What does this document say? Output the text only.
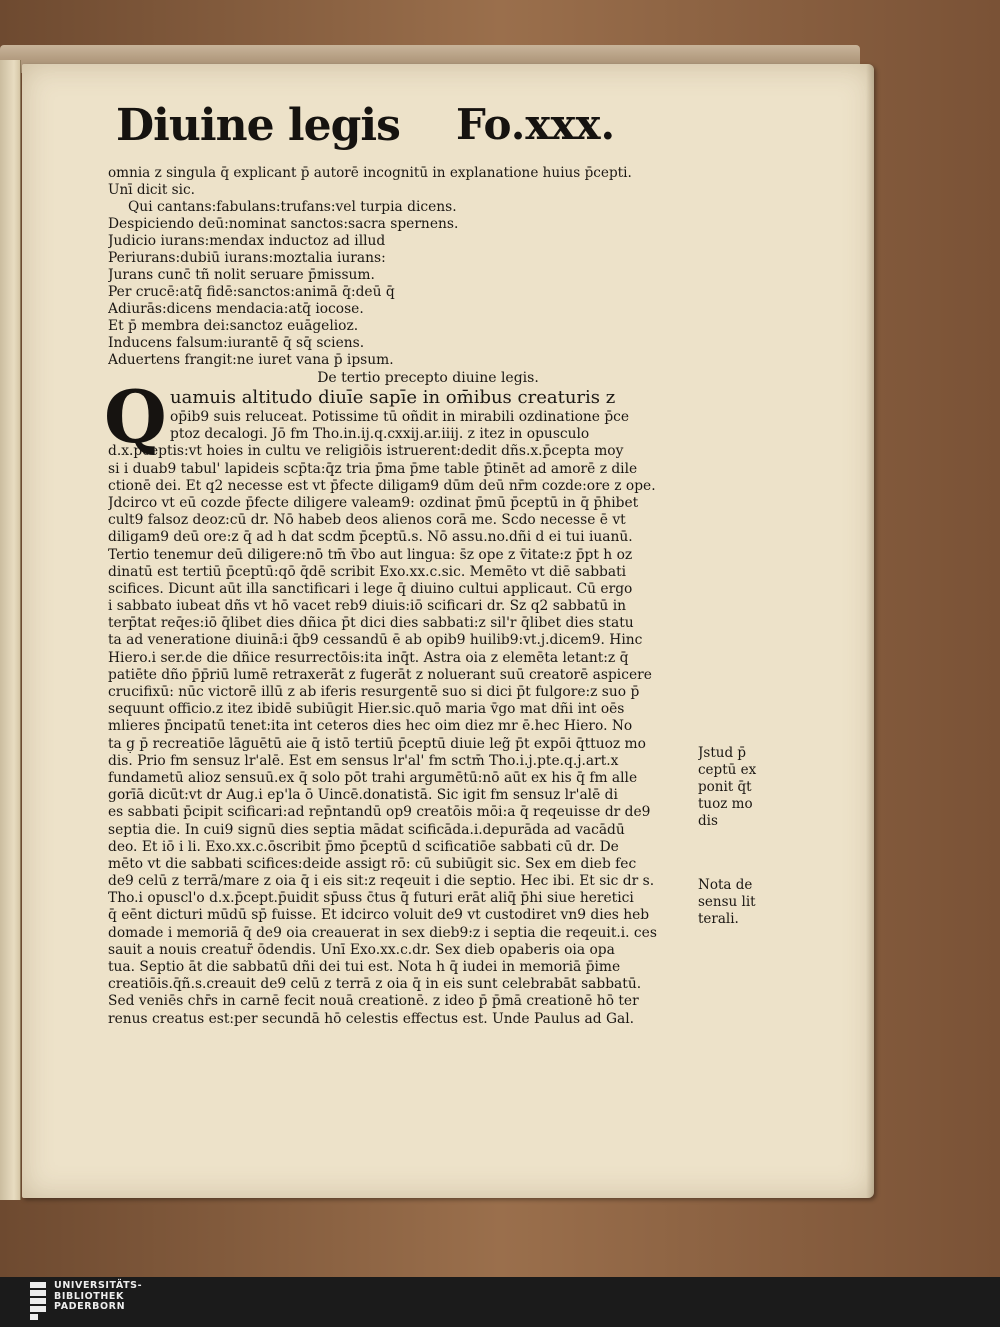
Diuine legis Fo.xxx.
omnia z singula q̄ explicant̄ p̄ autorē incognitū in explanatione huius p̄cepti.
Unī dicit sic.
Qui cantans:fabulans:trufans:vel turpia dicens.
Despiciendo deū:nominat sanctos:sacra spernens.
Judicio iurans:mendax inductoz ad illud
Periurans:dubiū iurans:moztalia iurans:
Jurans cunc̄ tñ nolit seruare p̄missum.
Per crucē:atq̄ fidē:sanctos:animā q̄:deū q̄
Adiurās:dicens mendacia:atq̄ iocose.
Et p̄ membra dei:sanctoz euāgelioz.
Inducens falsum:iurantē q̄ sq̄ sciens.
Aduertens frangit:ne iuret vana p̄ ipsum.
De tertio precepto diuine legis.
Q uamuis altitudo diuīe sapīe in om̄ibus creaturis z
op̄ib9 suis reluceat. Potissime tū oñdit in mirabili ozdinatione p̄ce
ptoz decalogi. Jō fm Tho.in.ij.q.cxxij.ar.iiij. z itez in opusculo
d.x.p̄ceptis:vt hoies in cultu ve religiōis istruerent:dedit dñs.x.p̄cepta moy
si i duab9 tabul' lapideis scp̄ta:q̄z tria p̄ma p̄me table p̄tinēt ad amorē z dile
ctionē dei. Et q2 necesse est vt p̄fecte diligam9 dūm deū nr̄m cozde:ore z ope.
Jdcirco vt eū cozde p̄fecte diligere valeam9: ozdinat p̄mū p̄ceptū in q̄ p̄hibet
cult9 falsoz deoz:cū d̄r. Nō habeb deos alienos corā me. Scd̄o necesse ē vt
diligam9 deū ore:z q̄ ad h̄ dat scd̄m p̄ceptū.s. Nō assu.no.dñi d ei tui iuanū.
Tertio tenemur deū diligere:nō tm̄ v̄bo aut lingua: s̄z ope z v̄itate:z p̄pt h̄ oz
dinatū est tertiū p̄ceptū:qō q̄dē scribit Exo.xx.c.sic. Memēto vt diē sabbati
scifices. Dicunt aūt illa sanctificari i lege q̄ diuino cultui applicaut. Cū ergo
i sabbato iubeat dñs vt hō vacet reb9 diuis:iō scificari d̄r. Sz q2 sabbatū in
terp̄tat req̄es:iō q̄libet dies dñica p̄t dici dies sabbati:z sil'r q̄libet dies statu
ta ad veneratione diuinā:i q̄b9 cessandū ē ab opib9 huilib9:vt.j.dicem9. Hinc
Hiero.i ser.de die dñice resurrectōis:ita inq̄t. Astra oia z elemēta letant:z q̄
patiēte dño p̄p̄riū lumē retraxerāt z fugerāt z noluerant suū creatorē aspicere
crucifixū: nūc victorē illū z ab iferis resurgentē suo si dici p̄t fulgore:z suo p̄
sequunt officio.z itez ibidē subiūgit Hier.sic.quō maria v̄go mat dñi int oēs
mlieres p̄ncipatū tenet:ita int ceteros dies hec oim diez mr ē.hec Hiero. No
ta g̣ p̄ recreatiōe lāguētū aie q̄ istō tertiū p̄ceptū diuie leg̃ p̄t expōi q̄ttuoz mo
dis. Prio fm sensuz lr'alē. Est em sensus lr'al' fm sctm̄ Tho.i.j.pte.q.j.art.x
fundametū alioz sensuū.ex q̄ solo pōt trahi argumētū:nō aūt ex his q̄ fm alle
gorīā dicūt:vt d̄r Aug.i ep'la ō Uincē.donatistā. Sic igit fm sensuz lr'alē di
es sabbati p̄cipit scificari:ad rep̄ntandū op9 creatōis mōi:a q̄ reqeuisse d̄r de9
septia die. In cui9 signū dies septia mādat scificāda.i.depurāda ad vacādū
deo. Et iō i li. Exo.xx.c.ōscribit p̄mo p̄ceptū d̄ scificatiōe sabbati cū d̄r. De
mēto vt die sabbati scifices:deide assigt rō: cū subiūgit sic. Sex em dieb fec
de9 celū z terrā/mare z oia q̄ i eis sit:z reqeuit i die septio. Hec ibi. Et sic d̄r s.
Tho.i opuscl'o d̄.x.p̄cept̄.p̄uidit sp̄uss c̄tus q̄ futuri erāt aliq̄ p̄hi siue heretici
q̄ eēnt dicturi mūdū sp̄ fuisse. Et idcirco voluit de9 vt custodiret vn9 dies heb
domade i memoriā q̄ de9 oia creauerat in sex dieb9:z i septia die reqeuit.i. ces
sauit a nouis creatur̃ ōdendis. Unī Exo.xx.c.d̄r. Sex dieb opaberis oia opa
tua. Septio āt die sabbatū dñi dei tui est. Nota h̄ q̄ iudei in memoriā p̄ime
creatiōis.q̄ñ.s.creauit de9 celū z terrā z oia q̄ in eis sunt celebrabāt sabbatū.
Sed veniēs chr̄s in carnē fecit nouā creationē. z ideo p̄ p̄mā creationē hō ter
renus creatus est:per secundā hō celestis effectus est. Unde Paulus ad Gal.
Jstud p̄
ceptū ex
ponit q̄t
tuoz mo
dis
Nota de
sensu lit
terali.
UNIVERSITÄTS-
BIBLIOTHEK
PADERBORN
